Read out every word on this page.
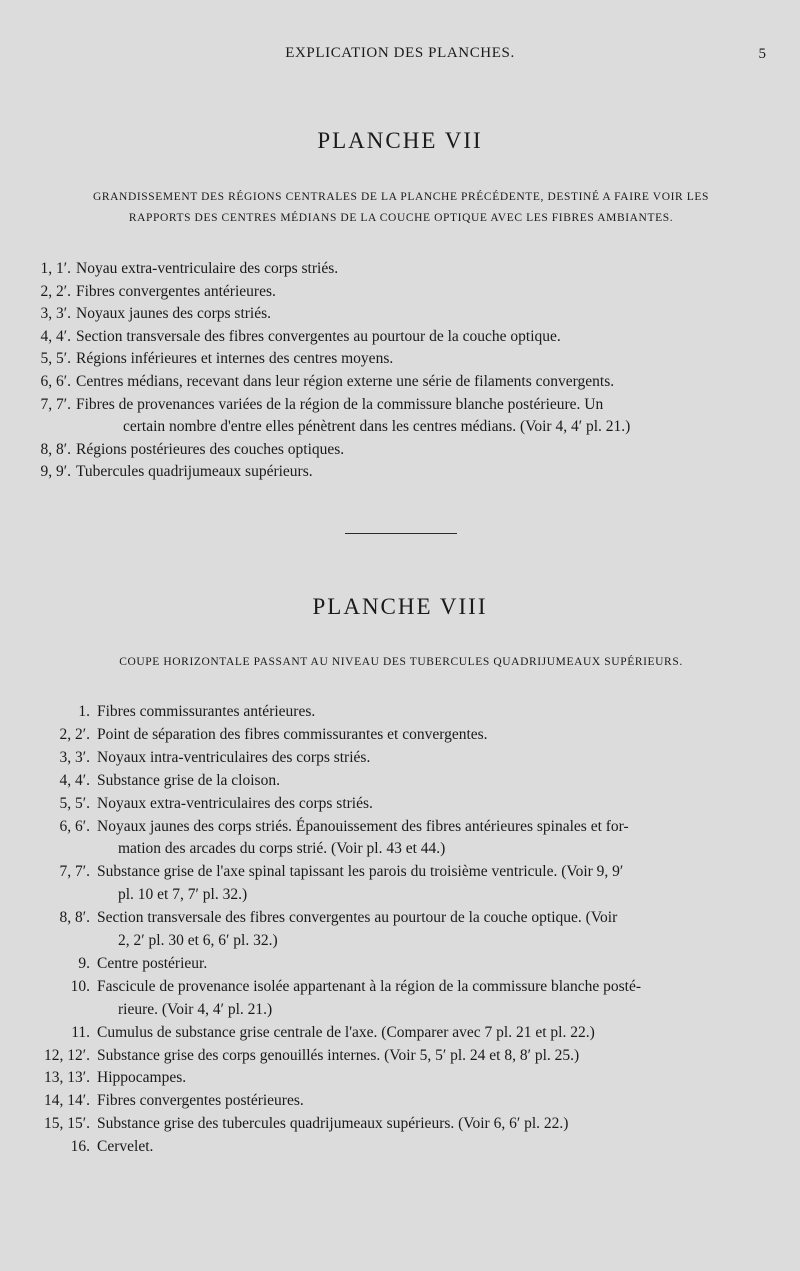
EXPLICATION DES PLANCHES.	5
PLANCHE VII
GRANDISSEMENT DES RÉGIONS CENTRALES DE LA PLANCHE PRÉCÉDENTE, DESTINÉ A FAIRE VOIR LES
RAPPORTS DES CENTRES MÉDIANS DE LA COUCHE OPTIQUE AVEC LES FIBRES AMBIANTES.
1, 1′. Noyau extra-ventriculaire des corps striés.
2, 2′. Fibres convergentes antérieures.
3, 3′. Noyaux jaunes des corps striés.
4, 4′. Section transversale des fibres convergentes au pourtour de la couche optique.
5, 5′. Régions inférieures et internes des centres moyens.
6, 6′. Centres médians, recevant dans leur région externe une série de filaments convergents.
7, 7′. Fibres de provenances variées de la région de la commissure blanche postérieure. Un
certain nombre d'entre elles pénètrent dans les centres médians. (Voir 4, 4′ pl. 21.)
8, 8′. Régions postérieures des couches optiques.
9, 9′. Tubercules quadrijumeaux supérieurs.
PLANCHE VIII
COUPE HORIZONTALE PASSANT AU NIVEAU DES TUBERCULES QUADRIJUMEAUX SUPÉRIEURS.
1. Fibres commissurantes antérieures.
2, 2′. Point de séparation des fibres commissurantes et convergentes.
3, 3′. Noyaux intra-ventriculaires des corps striés.
4, 4′. Substance grise de la cloison.
5, 5′. Noyaux extra-ventriculaires des corps striés.
6, 6′. Noyaux jaunes des corps striés. Épanouissement des fibres antérieures spinales et for-
mation des arcades du corps strié. (Voir pl. 43 et 44.)
7, 7′. Substance grise de l'axe spinal tapissant les parois du troisième ventricule. (Voir 9, 9′
pl. 10 et 7, 7′ pl. 32.)
8, 8′. Section transversale des fibres convergentes au pourtour de la couche optique. (Voir
2, 2′ pl. 30 et 6, 6′ pl. 32.)
9. Centre postérieur.
10. Fascicule de provenance isolée appartenant à la région de la commissure blanche posté-
rieure. (Voir 4, 4′ pl. 21.)
11. Cumulus de substance grise centrale de l'axe. (Comparer avec 7 pl. 21 et pl. 22.)
12, 12′. Substance grise des corps genouillés internes. (Voir 5, 5′ pl. 24 et 8, 8′ pl. 25.)
13, 13′. Hippocampes.
14, 14′. Fibres convergentes postérieures.
15, 15′. Substance grise des tubercules quadrijumeaux supérieurs. (Voir 6, 6′ pl. 22.)
16. Cervelet.
